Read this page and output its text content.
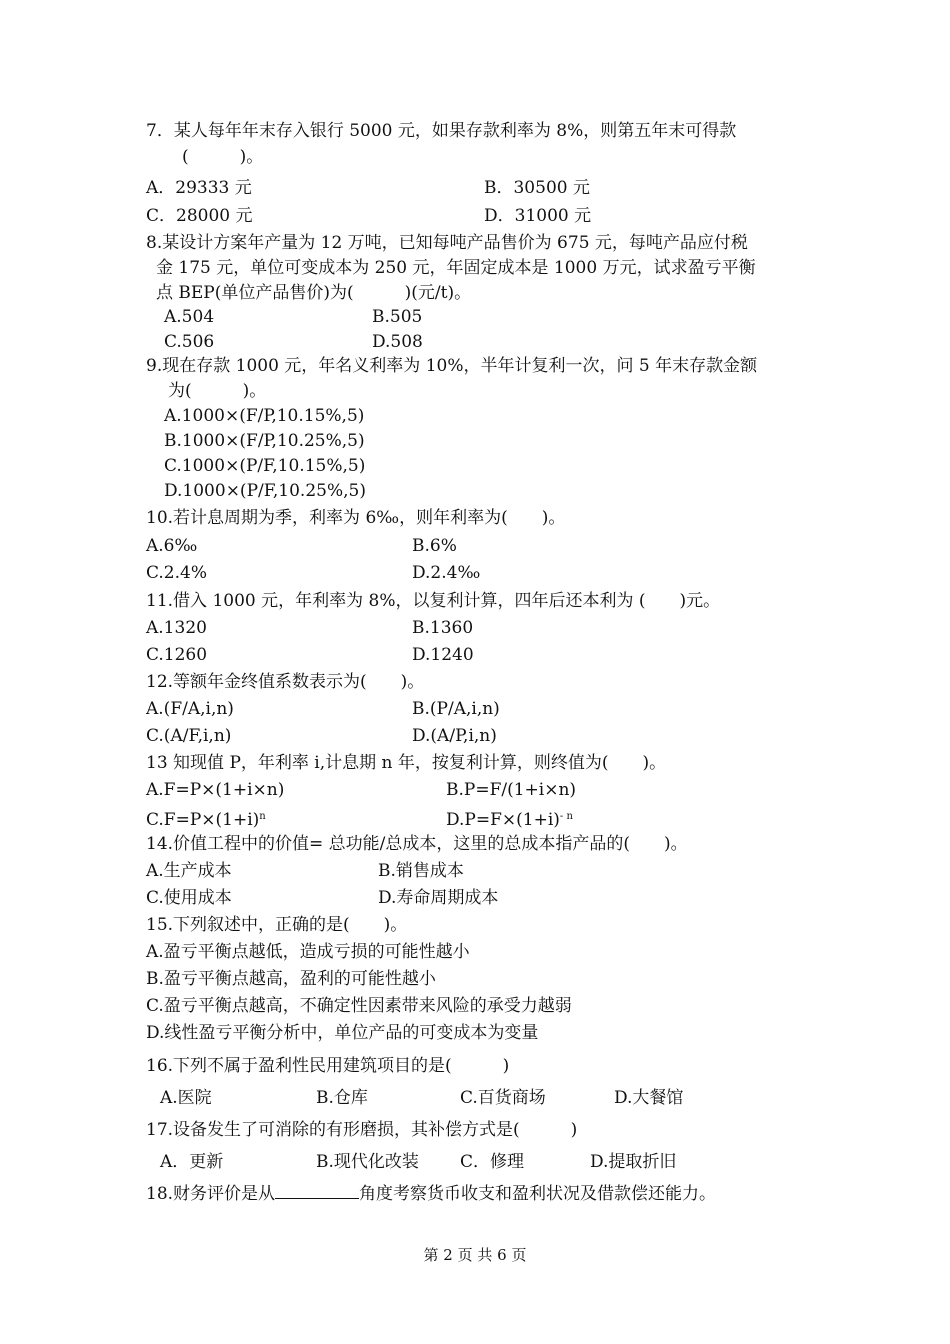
7．某人每年年末存入银行 5000 元，如果存款利率为 8%，则第五年末可得款
(　　　)。
A．29333 元	B．30500 元
C．28000 元	D．31000 元
8.某设计方案年产量为 12 万吨，已知每吨产品售价为 675 元，每吨产品应付税
金 175 元，单位可变成本为 250 元，年固定成本是 1000 万元，试求盈亏平衡
点 BEP(单位产品售价)为(　　　)(元/t)。
A.504	B.505
C.506	D.508
9.现在存款 1000 元，年名义利率为 10%，半年计复利一次，问 5 年末存款金额
为(　　　)。
A.1000×(F/P,10.15%,5)
B.1000×(F/P,10.25%,5)
C.1000×(P/F,10.15%,5)
D.1000×(P/F,10.25%,5)
10.若计息周期为季，利率为 6‰，则年利率为(　　)。
A.6‰	B.6%
C.2.4%	D.2.4‰
11.借入 1000 元，年利率为 8%，以复利计算，四年后还本利为 (　　)元。
A.1320	B.1360
C.1260	D.1240
12.等额年金终值系数表示为(　　)。
A.(F/A,i,n)	B.(P/A,i,n)
C.(A/F,i,n)	D.(A/P,i,n)
13 知现值 P，年利率 i,计息期 n 年，按复利计算，则终值为(　　)。
A.F=P×(1+i×n)	B.P=F/(1+i×n)
$C.F=P\times(1+i)^n$	$D.P=F\times(1+i)^{- n}$
14.价值工程中的价值= 总功能/总成本，这里的总成本指产品的(　　)。
A.生产成本	B.销售成本
C.使用成本	D.寿命周期成本
15.下列叙述中，正确的是(　　)。
A.盈亏平衡点越低，造成亏损的可能性越小
B.盈亏平衡点越高，盈利的可能性越小
C.盈亏平衡点越高，不确定性因素带来风险的承受力越弱
D.线性盈亏平衡分析中，单位产品的可变成本为变量
16.下列不属于盈利性民用建筑项目的是(　　　)
A.医院	B.仓库	C.百货商场	D.大餐馆
17.设备发生了可消除的有形磨损，其补偿方式是(　　　)
A．更新	B.现代化改装 C．修理	D.提取折旧
18.财务评价是从	角度考察货币收支和盈利状况及借款偿还能力。
第 2 页 共 6 页
